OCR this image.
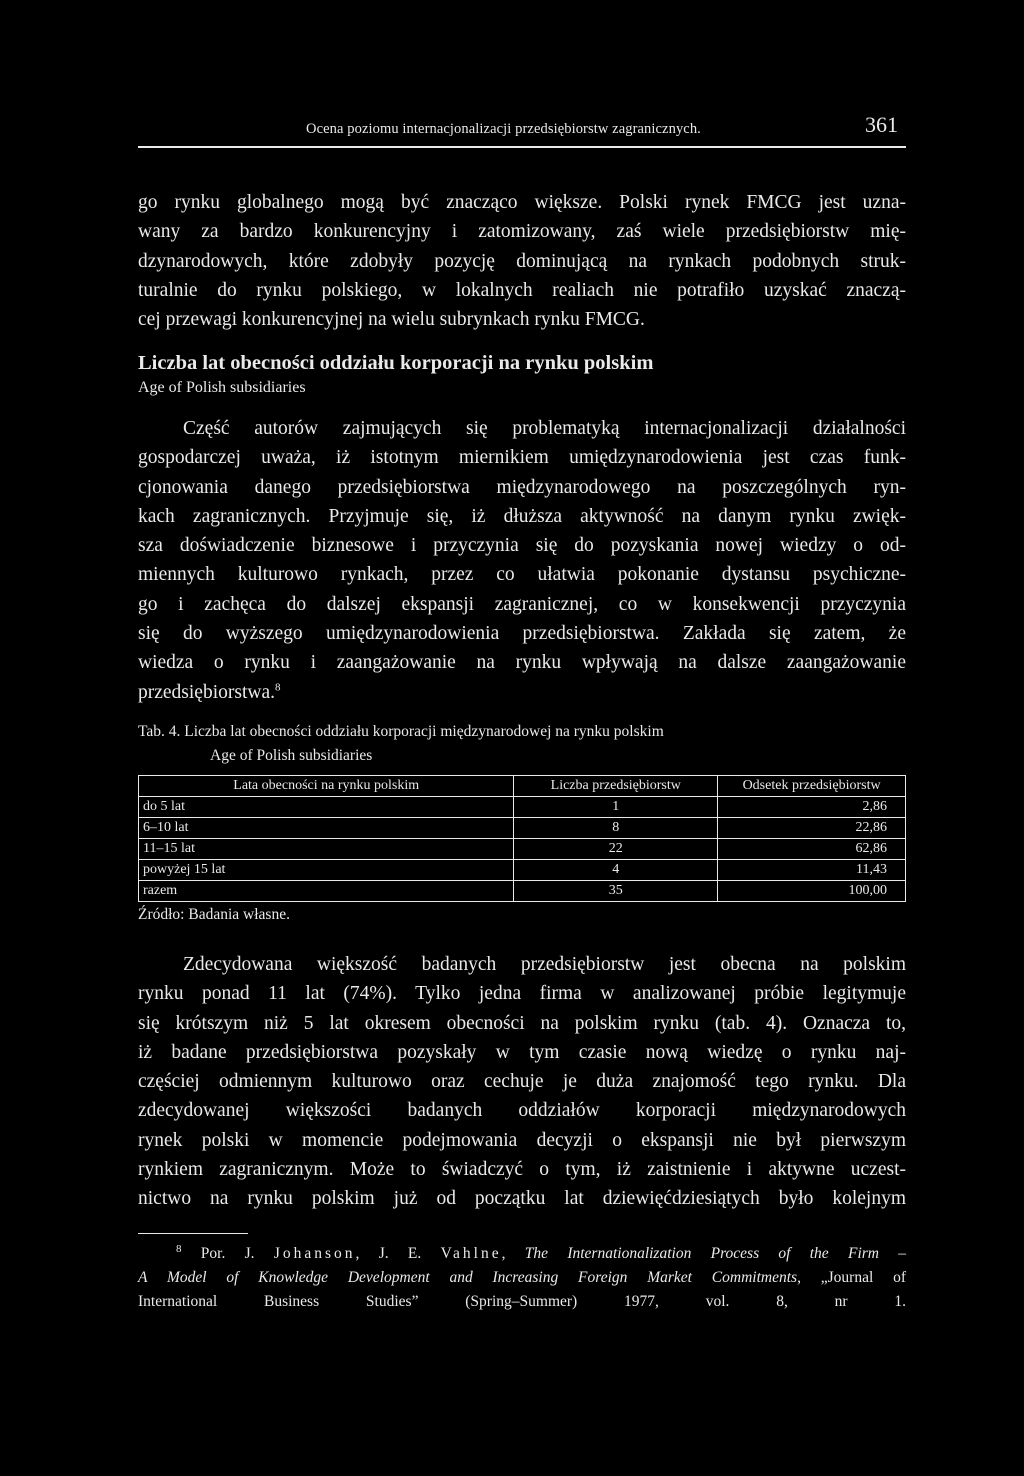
Ocena poziomu internacjonalizacji przedsiębiorstw zagranicznych.	361
go rynku globalnego mogą być znacząco większe. Polski rynek FMCG jest uzna-
wany za bardzo konkurencyjny i zatomizowany, zaś wiele przedsiębiorstw mię-
dzynarodowych, które zdobyły pozycję dominującą na rynkach podobnych struk-
turalnie do rynku polskiego, w lokalnych realiach nie potrafiło uzyskać znaczą-
cej przewagi konkurencyjnej na wielu subrynkach rynku FMCG.
Liczba lat obecności oddziału korporacji na rynku polskim
Age of Polish subsidiaries
Część autorów zajmujących się problematyką internacjonalizacji działalności
gospodarczej uważa, iż istotnym miernikiem umiędzynarodowienia jest czas funk-
cjonowania danego przedsiębiorstwa międzynarodowego na poszczególnych ryn-
kach zagranicznych. Przyjmuje się, iż dłuższa aktywność na danym rynku zwięk-
sza doświadczenie biznesowe i przyczynia się do pozyskania nowej wiedzy o od-
miennych kulturowo rynkach, przez co ułatwia pokonanie dystansu psychiczne-
go i zachęca do dalszej ekspansji zagranicznej, co w konsekwencji przyczynia
się do wyższego umiędzynarodowienia przedsiębiorstwa. Zakłada się zatem, że
wiedza o rynku i zaangażowanie na rynku wpływają na dalsze zaangażowanie
przedsiębiorstwa.$^8$
Tab. 4. Liczba lat obecności oddziału korporacji międzynarodowej na rynku polskim
Age of Polish subsidiaries
Lata obecności na rynku polskim	Liczba przedsiębiorstw	Odsetek przedsiębiorstw
do 5 lat	1	2,86
6–10 lat	8	22,86
11–15 lat	22	62,86
powyżej 15 lat	4	11,43
razem	35	100,00
Źródło: Badania własne.
Zdecydowana większość badanych przedsiębiorstw jest obecna na polskim
rynku ponad 11 lat (74%). Tylko jedna firma w analizowanej próbie legitymuje
się krótszym niż 5 lat okresem obecności na polskim rynku (tab. 4). Oznacza to,
iż badane przedsiębiorstwa pozyskały w tym czasie nową wiedzę o rynku naj-
częściej odmiennym kulturowo oraz cechuje je duża znajomość tego rynku. Dla
zdecydowanej większości badanych oddziałów korporacji międzynarodowych
rynek polski w momencie podejmowania decyzji o ekspansji nie był pierwszym
rynkiem zagranicznym. Może to świadczyć o tym, iż zaistnienie i aktywne uczest-
nictwo na rynku polskim już od początku lat dziewięćdziesiątych było kolejnym
$^8$ Por. J. Johanson, J. E. Vahlne, The Internationalization Process of the Firm –
A Model of Knowledge Development and Increasing Foreign Market Commitments, „Journal of
International Business Studies” (Spring–Summer) 1977, vol. 8, nr 1.
